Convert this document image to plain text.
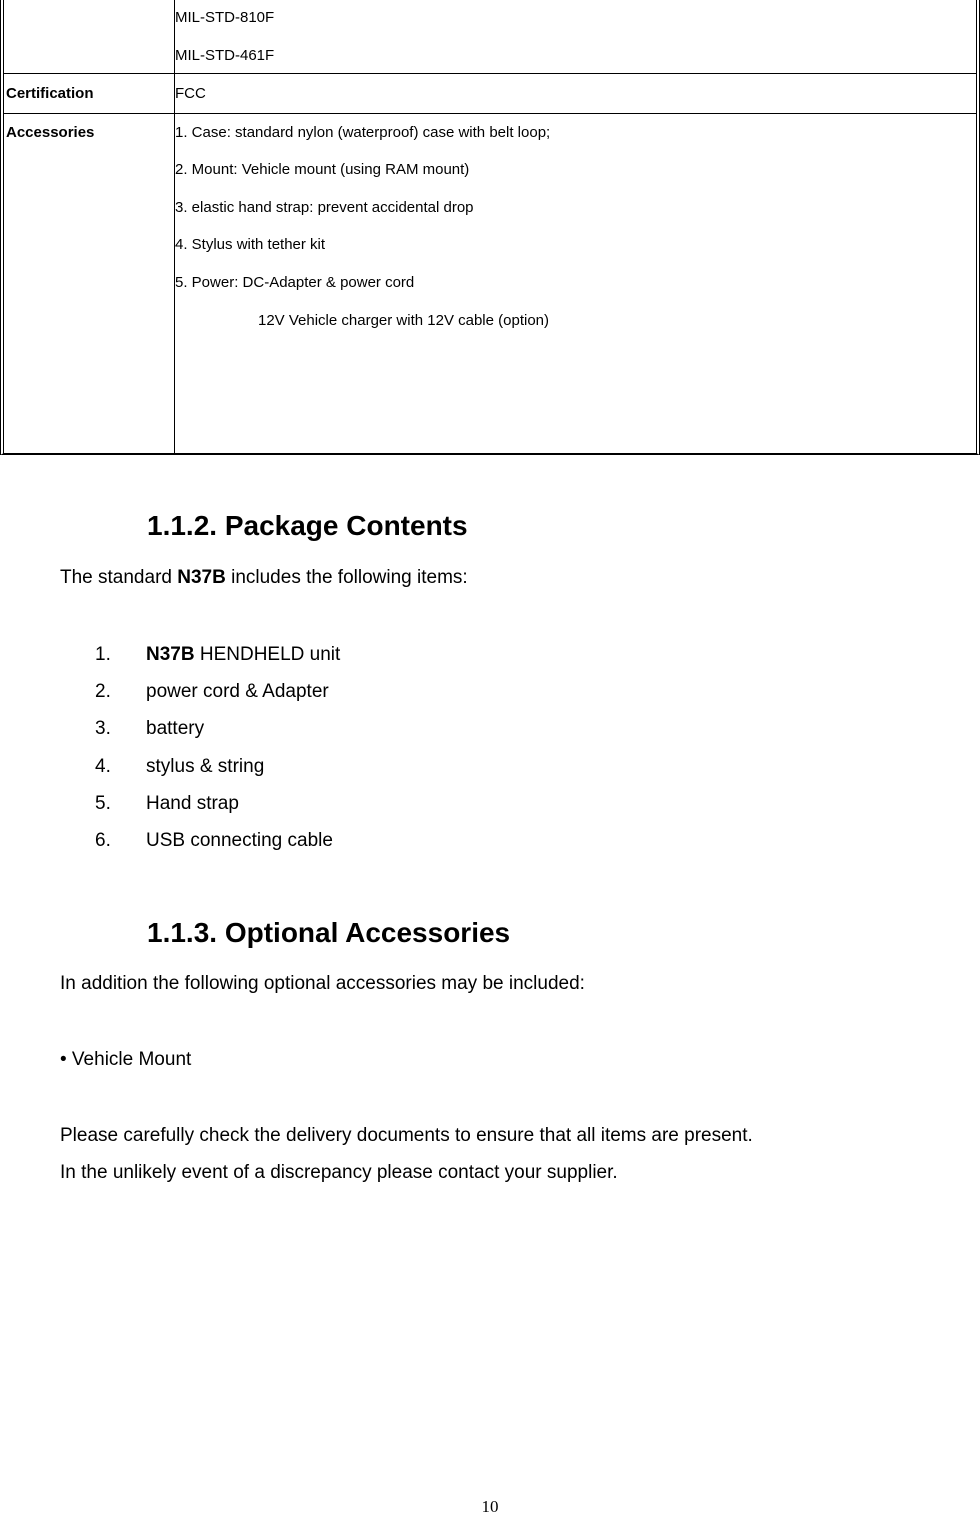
MIL-STD-810F
MIL-STD-461F
Certification	FCC
Accessories	1. Case: standard nylon (waterproof) case with belt loop;
2. Mount: Vehicle mount (using RAM mount)
3. elastic hand strap: prevent accidental drop
4. Stylus with tether kit
5. Power: DC-Adapter & power cord
12V Vehicle charger with 12V cable (option)
1.1.2. Package Contents
The standard N37B includes the following items:
1. N37B HENDHELD unit
2. power cord & Adapter
3. battery
4. stylus & string
5. Hand strap
6. USB connecting cable
1.1.3. Optional Accessories
In addition the following optional accessories may be included:
• Vehicle Mount
Please carefully check the delivery documents to ensure that all items are present.
In the unlikely event of a discrepancy please contact your supplier.
10
